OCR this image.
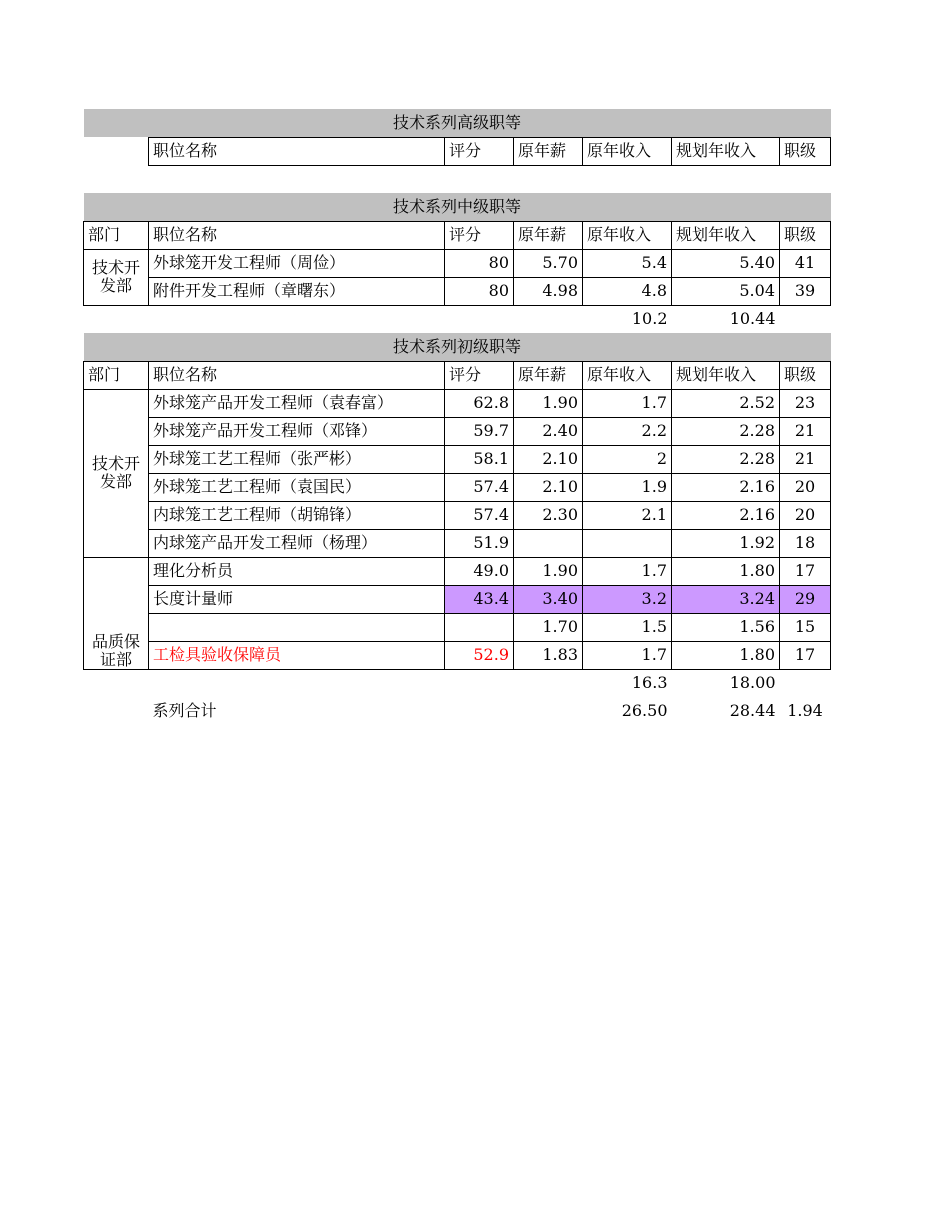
技术系列高级职等						
	职位名称	评分	原年薪	原年收入	规划年收入	职级

技术系列中级职等						
部门	职位名称	评分	原年薪	原年收入	规划年收入	职级
技术开发部	外球笼开发工程师（周俭）	80	5.70	5.4	5.40	41
	附件开发工程师（章曙东）	80	4.98	4.8	5.04	39
				10.2	10.44	
技术系列初级职等						
部门	职位名称	评分	原年薪	原年收入	规划年收入	职级
技术开发部	外球笼产品开发工程师（袁春富）	62.8	1.90	1.7	2.52	23
	外球笼产品开发工程师（邓锋）	59.7	2.40	2.2	2.28	21
	外球笼工艺工程师（张严彬）	58.1	2.10	2	2.28	21
	外球笼工艺工程师（袁国民）	57.4	2.10	1.9	2.16	20
	内球笼工艺工程师（胡锦锋）	57.4	2.30	2.1	2.16	20
	内球笼产品开发工程师（杨理）	51.9			1.92	18
品质保证部	理化分析员	49.0	1.90	1.7	1.80	17
	长度计量师	43.4	3.40	3.2	3.24	29
			1.70	1.5	1.56	15
	工检具验收保障员	52.9	1.83	1.7	1.80	17
				16.3	18.00	
	系列合计			26.50	28.44	1.94
